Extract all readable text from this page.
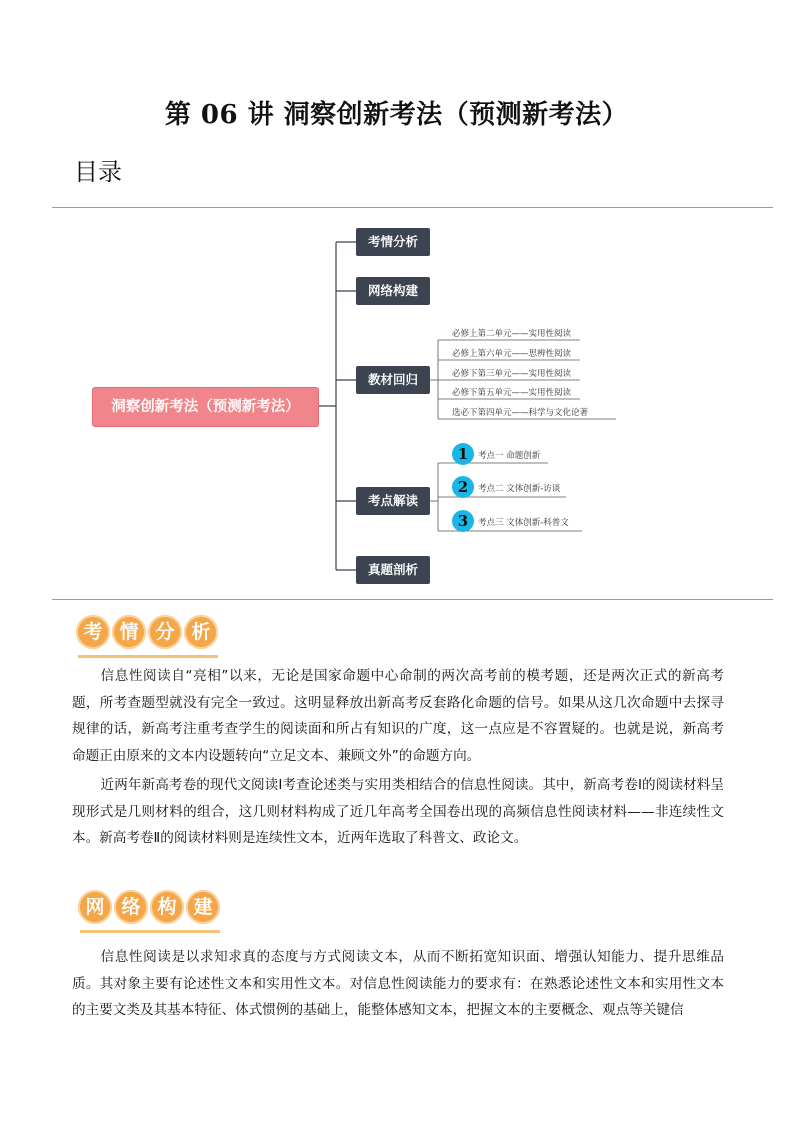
第 06 讲 洞察创新考法（预测新考法）
目录
洞察创新考法（预测新考法）
考情分析
网络构建
教材回归
考点解读
真题剖析
必修上第二单元——实用性阅读
必修上第六单元——思辨性阅读
必修下第三单元——实用性阅读
必修下第五单元——实用性阅读
选必下第四单元——科学与文化论著
1	考点一 命题创新
2	考点二 文体创新-访谈
3	考点三 文体创新-科普文
考 情 分 析
信息性阅读自“亮相”以来，无论是国家命题中心命制的两次高考前的模考题，还是两次正式的新高考题，所考查题型就没有完全一致过。这明显释放出新高考反套路化命题的信号。如果从这几次命题中去探寻规律的话，新高考注重考查学生的阅读面和所占有知识的广度，这一点应是不容置疑的。也就是说，新高考命题正由原来的文本内设题转向“立足文本、兼顾文外”的命题方向。
近两年新高考卷的现代文阅读Ⅰ考查论述类与实用类相结合的信息性阅读。其中，新高考卷Ⅰ的阅读材料呈现形式是几则材料的组合，这几则材料构成了近几年高考全国卷出现的高频信息性阅读材料——非连续性文本。新高考卷Ⅱ的阅读材料则是连续性文本，近两年选取了科普文、政论文。
网 络 构 建
信息性阅读是以求知求真的态度与方式阅读文本，从而不断拓宽知识面、增强认知能力、提升思维品质。其对象主要有论述性文本和实用性文本。对信息性阅读能力的要求有：在熟悉论述性文本和实用性文本的主要文类及其基本特征、体式惯例的基础上，能整体感知文本，把握文本的主要概念、观点等关键信
